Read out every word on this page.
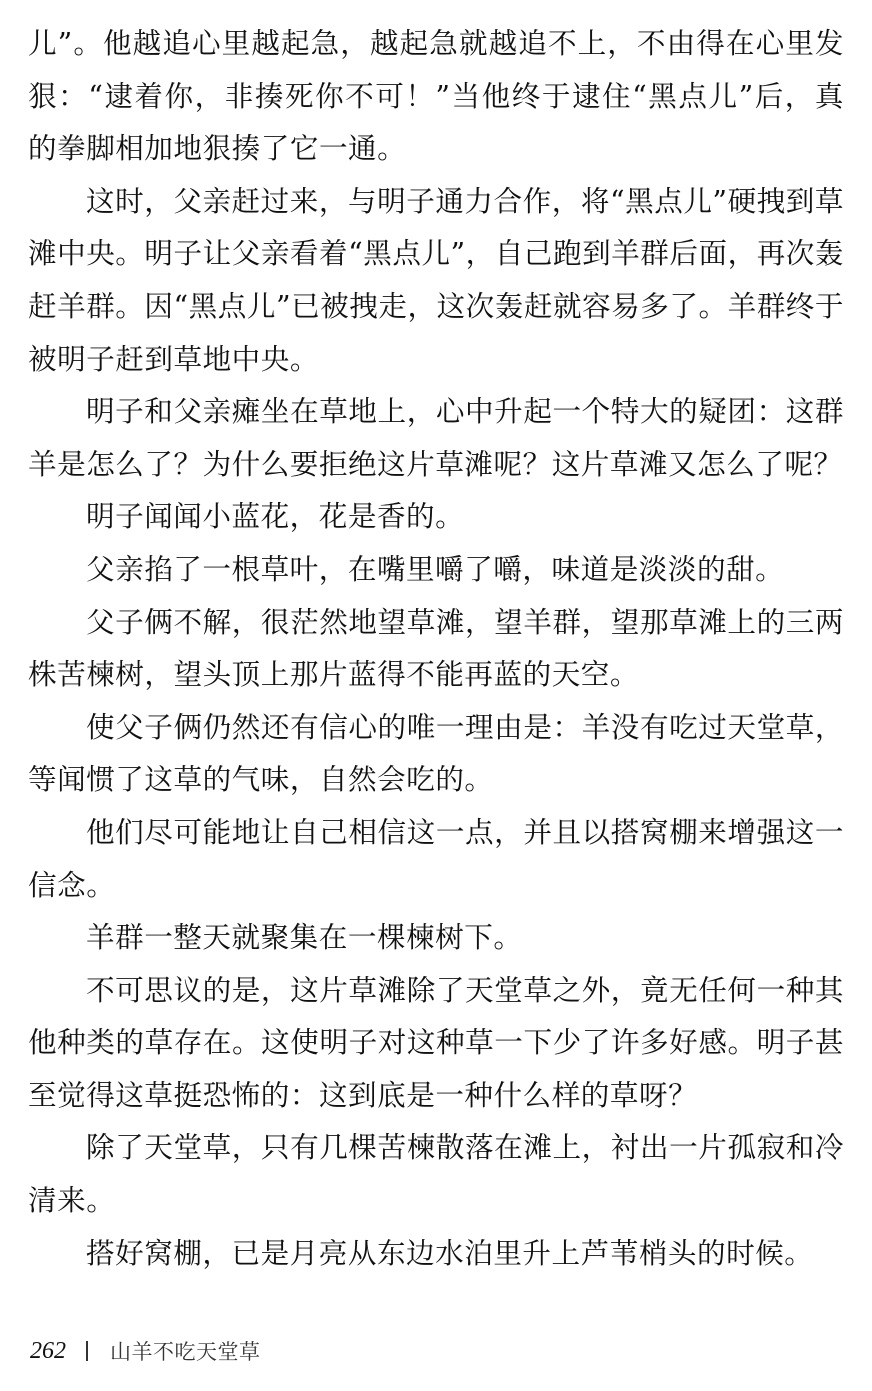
儿”。他越追心里越起急，越起急就越追不上，不由得在心里发狠：“逮着你，非揍死你不可！”当他终于逮住“黑点儿”后，真的拳脚相加地狠揍了它一通。

这时，父亲赶过来，与明子通力合作，将“黑点儿”硬拽到草滩中央。明子让父亲看着“黑点儿”，自己跑到羊群后面，再次轰赶羊群。因“黑点儿”已被拽走，这次轰赶就容易多了。羊群终于被明子赶到草地中央。

明子和父亲瘫坐在草地上，心中升起一个特大的疑团：这群羊是怎么了？为什么要拒绝这片草滩呢？这片草滩又怎么了呢？

明子闻闻小蓝花，花是香的。

父亲掐了一根草叶，在嘴里嚼了嚼，味道是淡淡的甜。

父子俩不解，很茫然地望草滩，望羊群，望那草滩上的三两株苦楝树，望头顶上那片蓝得不能再蓝的天空。

使父子俩仍然还有信心的唯一理由是：羊没有吃过天堂草，等闻惯了这草的气味，自然会吃的。

他们尽可能地让自己相信这一点，并且以搭窝棚来增强这一信念。

羊群一整天就聚集在一棵楝树下。

不可思议的是，这片草滩除了天堂草之外，竟无任何一种其他种类的草存在。这使明子对这种草一下少了许多好感。明子甚至觉得这草挺恐怖的：这到底是一种什么样的草呀？

除了天堂草，只有几棵苦楝散落在滩上，衬出一片孤寂和冷清来。

搭好窝棚，已是月亮从东边水泊里升上芦苇梢头的时候。

262 山羊不吃天堂草
